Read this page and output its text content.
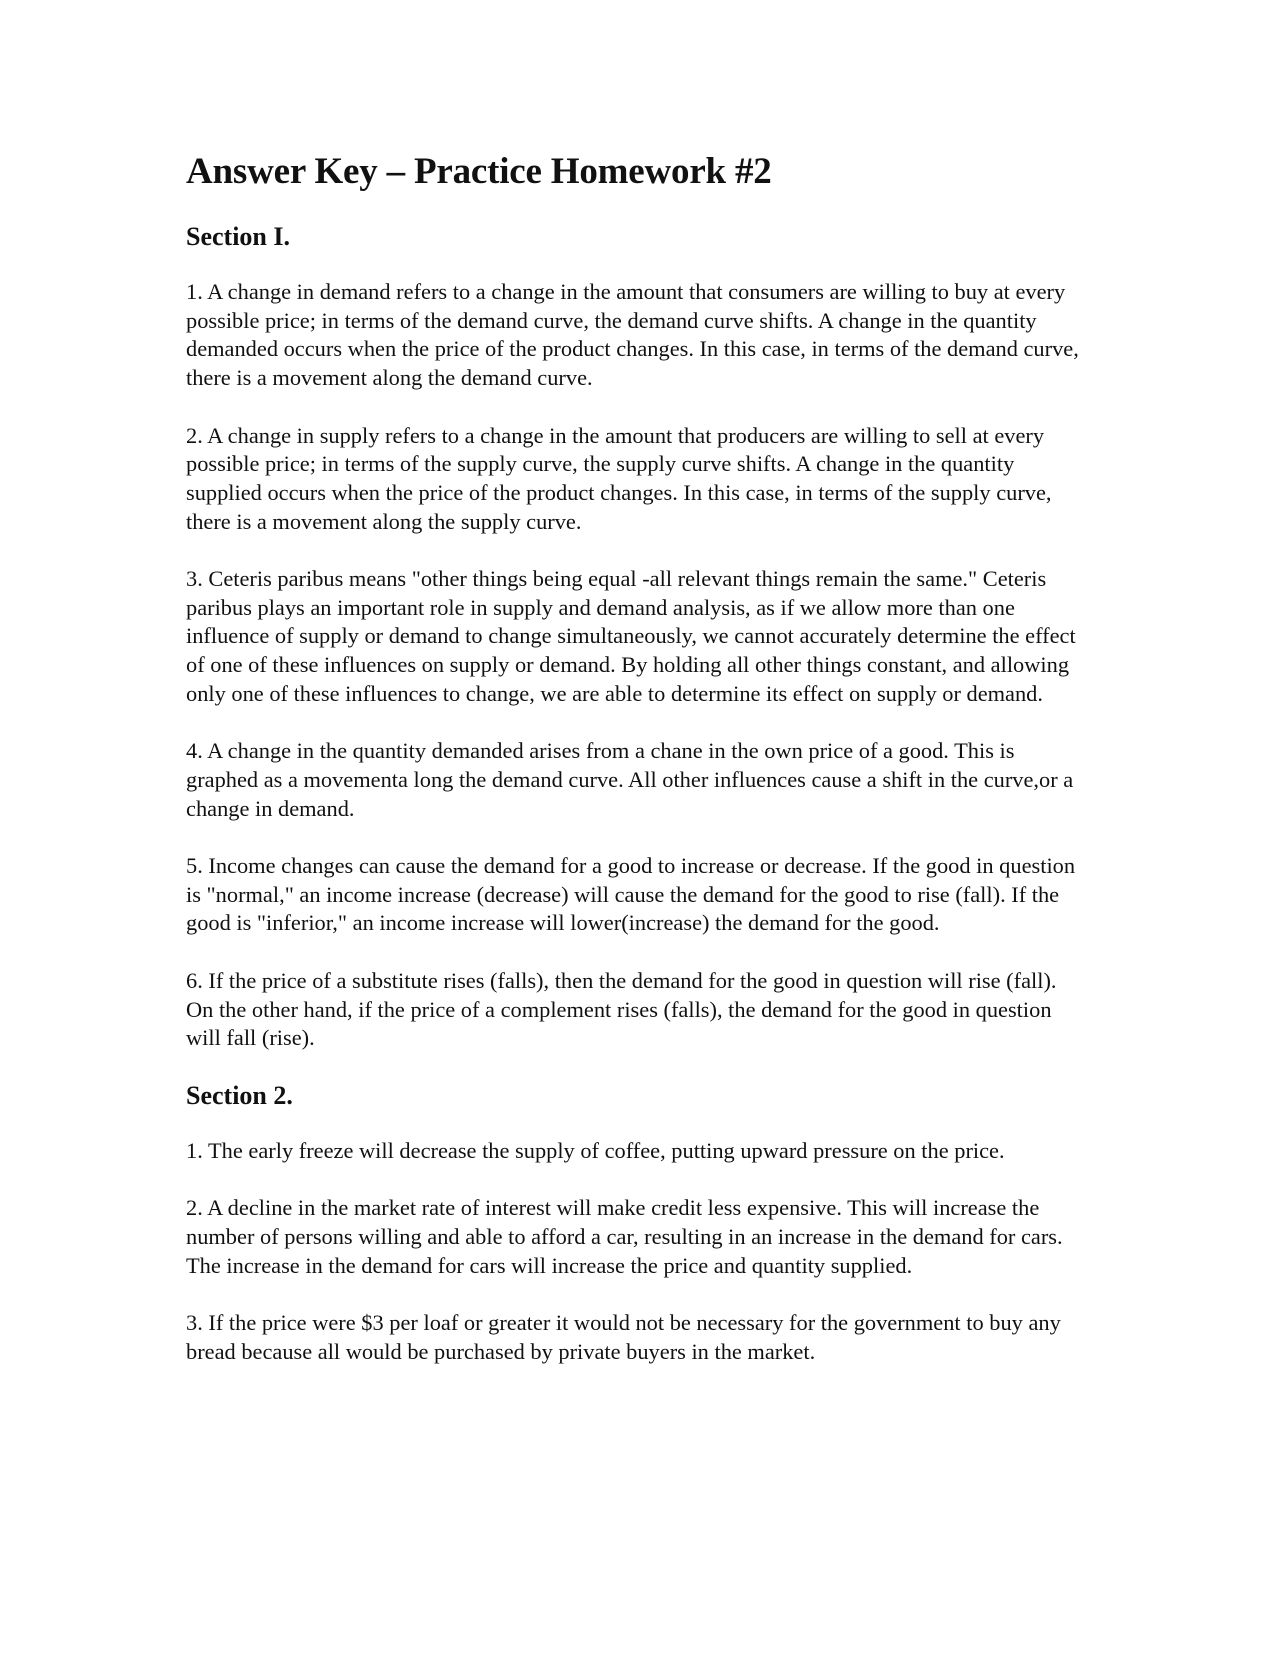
Answer Key – Practice Homework #2
Section I.

1. A change in demand refers to a change in the amount that consumers are willing to buy at every possible price; in terms of the demand curve, the demand curve shifts. A change in the quantity demanded occurs when the price of the product changes. In this case, in terms of the demand curve, there is a movement along the demand curve.

2. A change in supply refers to a change in the amount that producers are willing to sell at every possible price; in terms of the supply curve, the supply curve shifts. A change in the quantity supplied occurs when the price of the product changes. In this case, in terms of the supply curve, there is a movement along the supply curve.

3. Ceteris paribus means "other things being equal -all relevant things remain the same." Ceteris paribus plays an important role in supply and demand analysis, as if we allow more than one influence of supply or demand to change simultaneously, we cannot accurately determine the effect of one of these influences on supply or demand. By holding all other things constant, and allowing only one of these influences to change, we are able to determine its effect on supply or demand.

4. A change in the quantity demanded arises from a chane in the own price of a good. This is graphed as a movementa long the demand curve. All other influences cause a shift in the curve,or a change in demand.

5. Income changes can cause the demand for a good to increase or decrease. If the good in question is "normal," an income increase (decrease) will cause the demand for the good to rise (fall). If the good is "inferior," an income increase will lower(increase) the demand for the good.

6. If the price of a substitute rises (falls), then the demand for the good in question will rise (fall). On the other hand, if the price of a complement rises (falls), the demand for the good in question will fall (rise).

Section 2.

1. The early freeze will decrease the supply of coffee, putting upward pressure on the price.

2. A decline in the market rate of interest will make credit less expensive. This will increase the number of persons willing and able to afford a car, resulting in an increase in the demand for cars. The increase in the demand for cars will increase the price and quantity supplied.

3. If the price were $3 per loaf or greater it would not be necessary for the government to buy any bread because all would be purchased by private buyers in the market.
